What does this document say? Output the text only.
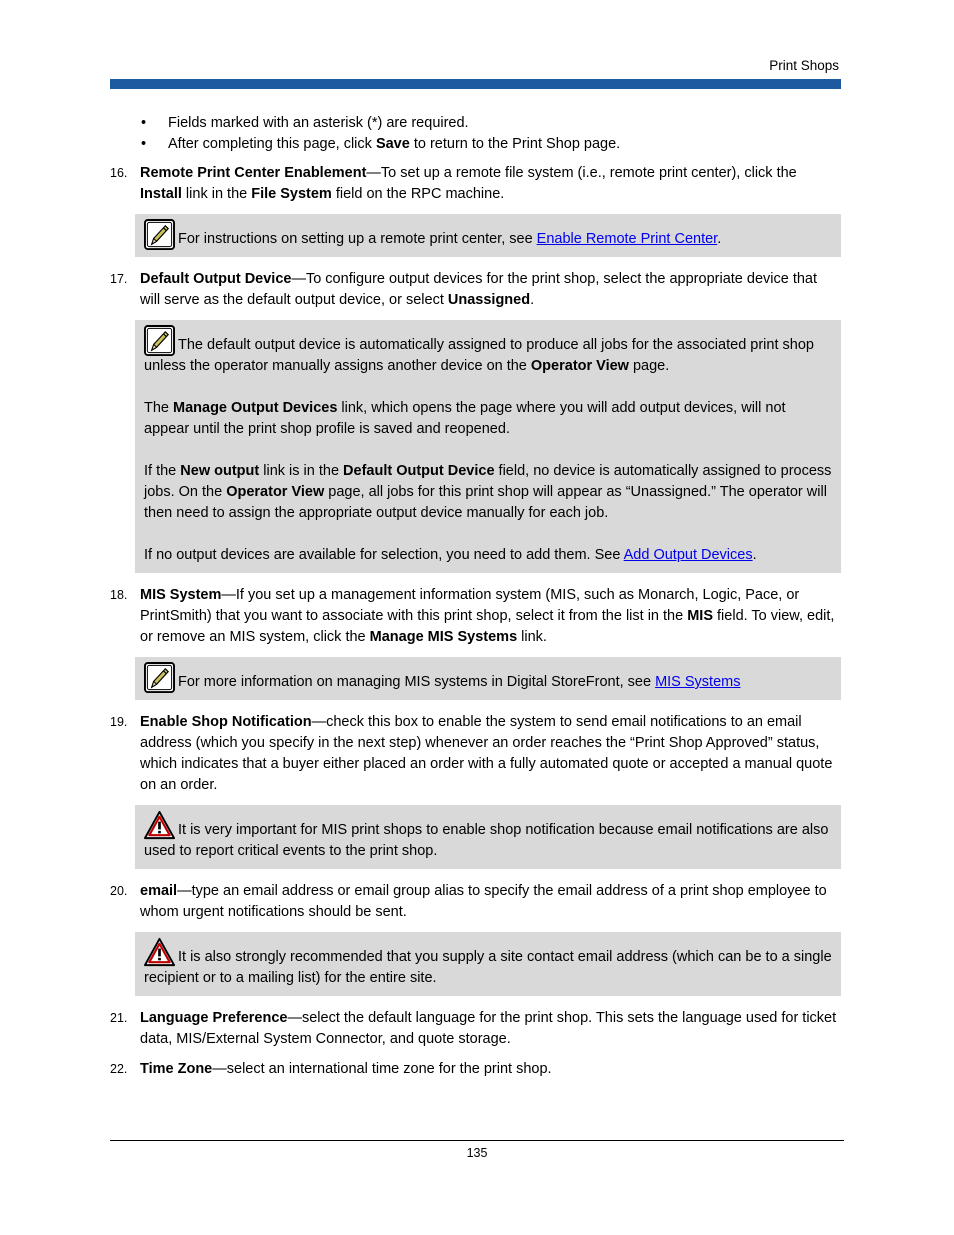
Print Shops
• Fields marked with an asterisk (*) are required.
• After completing this page, click Save to return to the Print Shop page.
16. Remote Print Center Enablement—To set up a remote file system (i.e., remote print center), click the Install link in the File System field on the RPC machine.

For instructions on setting up a remote print center, see Enable Remote Print Center.

17. Default Output Device—To configure output devices for the print shop, select the appropriate device that will serve as the default output device, or select Unassigned.

The default output device is automatically assigned to produce all jobs for the associated print shop unless the operator manually assigns another device on the Operator View page.

The Manage Output Devices link, which opens the page where you will add output devices, will not appear until the print shop profile is saved and reopened.

If the New output link is in the Default Output Device field, no device is automatically assigned to process jobs. On the Operator View page, all jobs for this print shop will appear as “Unassigned.” The operator will then need to assign the appropriate output device manually for each job.

If no output devices are available for selection, you need to add them. See Add Output Devices.

18. MIS System—If you set up a management information system (MIS, such as Monarch, Logic, Pace, or PrintSmith) that you want to associate with this print shop, select it from the list in the MIS field. To view, edit, or remove an MIS system, click the Manage MIS Systems link.

For more information on managing MIS systems in Digital StoreFront, see MIS Systems

19. Enable Shop Notification—check this box to enable the system to send email notifications to an email address (which you specify in the next step) whenever an order reaches the “Print Shop Approved” status, which indicates that a buyer either placed an order with a fully automated quote or accepted a manual quote on an order.

It is very important for MIS print shops to enable shop notification because email notifications are also used to report critical events to the print shop.

20. email—type an email address or email group alias to specify the email address of a print shop employee to whom urgent notifications should be sent.

It is also strongly recommended that you supply a site contact email address (which can be to a single recipient or to a mailing list) for the entire site.

21. Language Preference—select the default language for the print shop. This sets the language used for ticket data, MIS/External System Connector, and quote storage.
22. Time Zone—select an international time zone for the print shop.
135
